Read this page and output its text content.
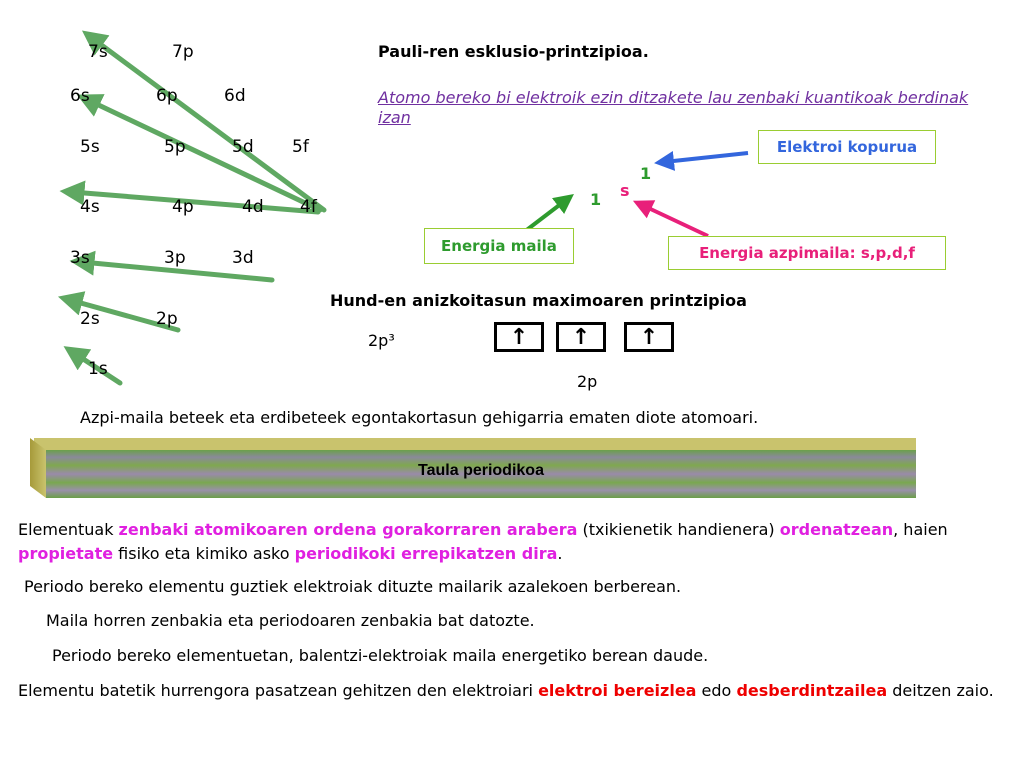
7s	7p
6s	6p	6d
5s	5p	5d 5f
4s	4p	4d 4f
3s	3p	3d
2s	2p
1s
Pauli-ren esklusio-printzipioa.
Atomo bereko bi elektroik ezin ditzakete lau zenbaki kuantikoak berdinak izan
1 s
1
Elektroi kopurua
Energia maila	Energia azpimaila: s,p,d,f
Hund-en anizkoitasun maximoaren printzipioa
2p³	↑ ↑ ↑
2p
Azpi-maila beteek eta erdibeteek egontakortasun gehigarria ematen diote atomoari.
Taula periodikoa
Elementuak zenbaki atomikoaren ordena gorakorraren arabera (txikienetik handienera) ordenatzean, haien propietate fisiko eta kimiko asko periodikoki errepikatzen dira.
Periodo bereko elementu guztiek elektroiak dituzte mailarik azalekoen berberean.
Maila horren zenbakia eta periodoaren zenbakia bat datozte.
Periodo bereko elementuetan, balentzi-elektroiak maila energetiko berean daude.
Elementu batetik hurrengora pasatzean gehitzen den elektroiari elektroi bereizlea edo desberdintzailea deitzen zaio.
